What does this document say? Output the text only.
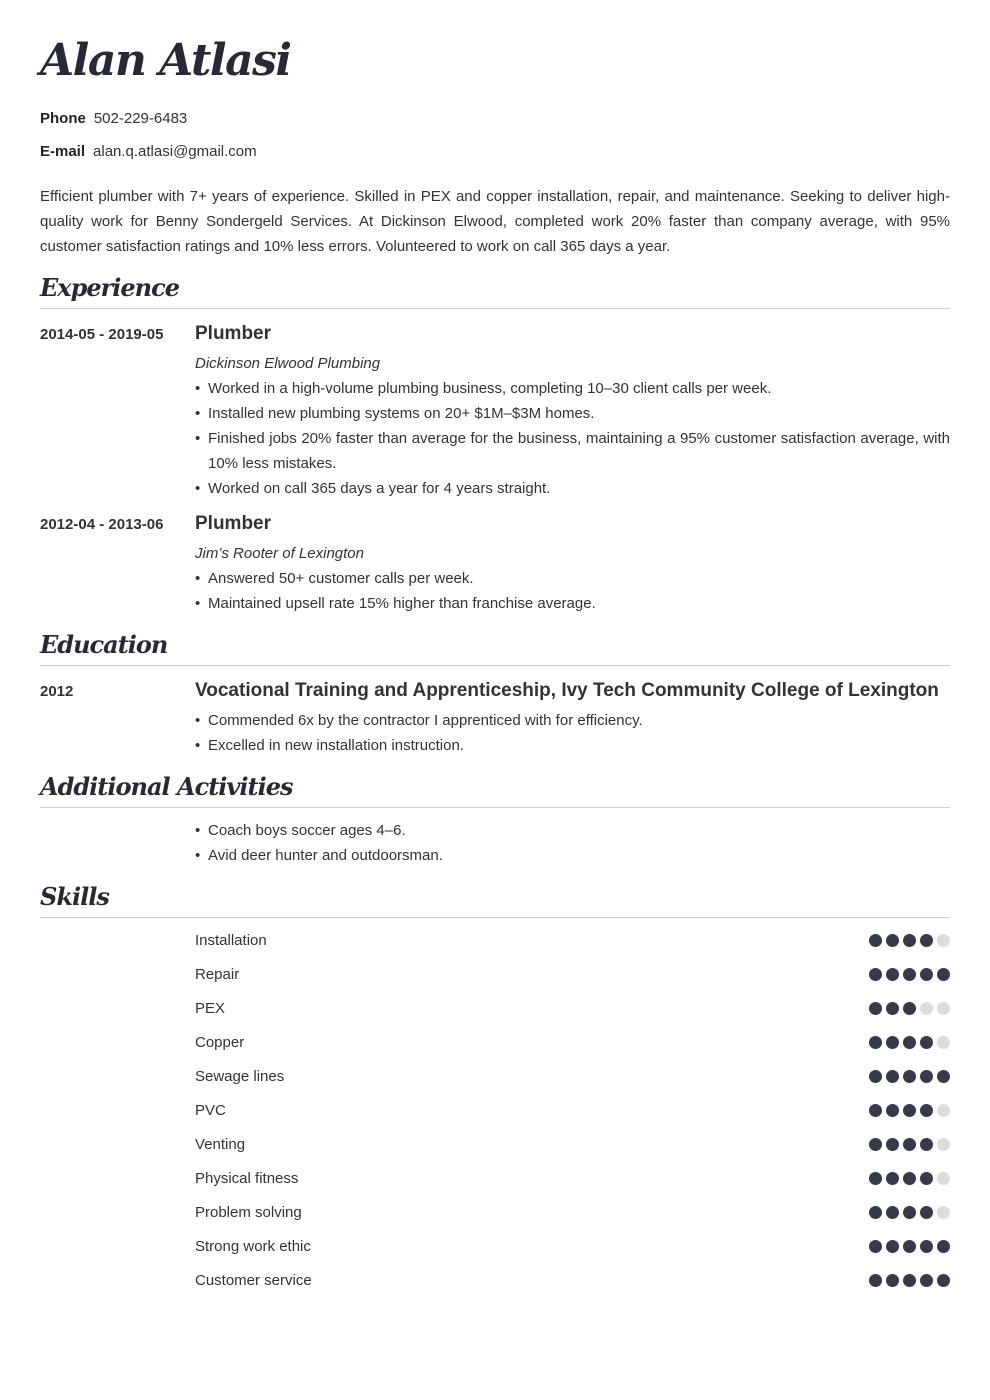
Alan Atlasi
Phone 502-229-6483
E-mail alan.q.atlasi@gmail.com

Efficient plumber with 7+ years of experience. Skilled in PEX and copper installation, repair, and maintenance. Seeking to deliver high-quality work for Benny Sondergeld Services. At Dickinson Elwood, completed work 20% faster than company average, with 95% customer satisfaction ratings and 10% less errors. Volunteered to work on call 365 days a year.

Experience
2014-05 - 2019-05 Plumber
Dickinson Elwood Plumbing
• Worked in a high-volume plumbing business, completing 10–30 client calls per week.
• Installed new plumbing systems on 20+ $1M–$3M homes.
• Finished jobs 20% faster than average for the business, maintaining a 95% customer satisfaction average, with 10% less mistakes.
• Worked on call 365 days a year for 4 years straight.
2012-04 - 2013-06 Plumber
Jim’s Rooter of Lexington
• Answered 50+ customer calls per week.
• Maintained upsell rate 15% higher than franchise average.
Education
2012	Vocational Training and Apprenticeship, Ivy Tech Community College of Lexington
• Commended 6x by the contractor I apprenticed with for efficiency.
• Excelled in new installation instruction.
Additional Activities
• Coach boys soccer ages 4–6.
• Avid deer hunter and outdoorsman.
Skills
Installation
Repair
PEX
Copper
Sewage lines
PVC
Venting
Physical fitness
Problem solving
Strong work ethic
Customer service
